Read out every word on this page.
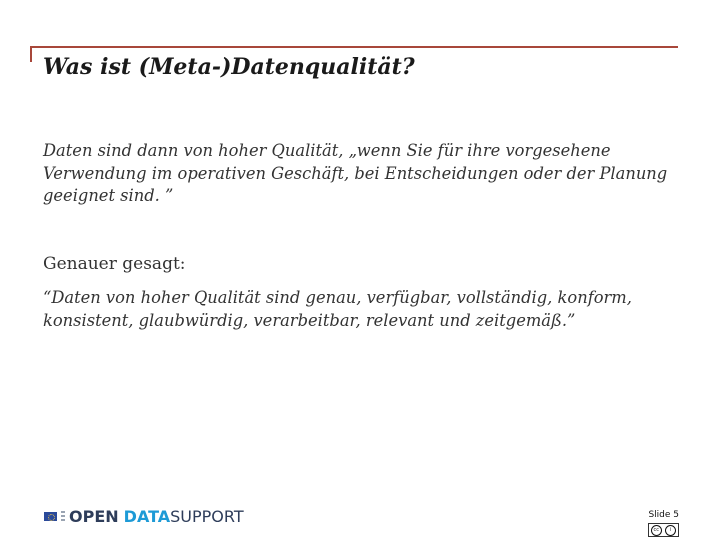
Was ist (Meta-)Datenqualität?

Daten sind dann von hoher Qualität, „wenn Sie für ihre vorgesehene Verwendung im operativen Geschäft, bei Entscheidungen oder der Planung geeignet sind. ”

Genauer gesagt:

“Daten von hoher Qualität sind genau, verfügbar, vollständig, konform, konsistent, glaubwürdig, verarbeitbar, relevant und zeitgemäß.”

OPEN DATA SUPPORT	Slide 5
cc	i
